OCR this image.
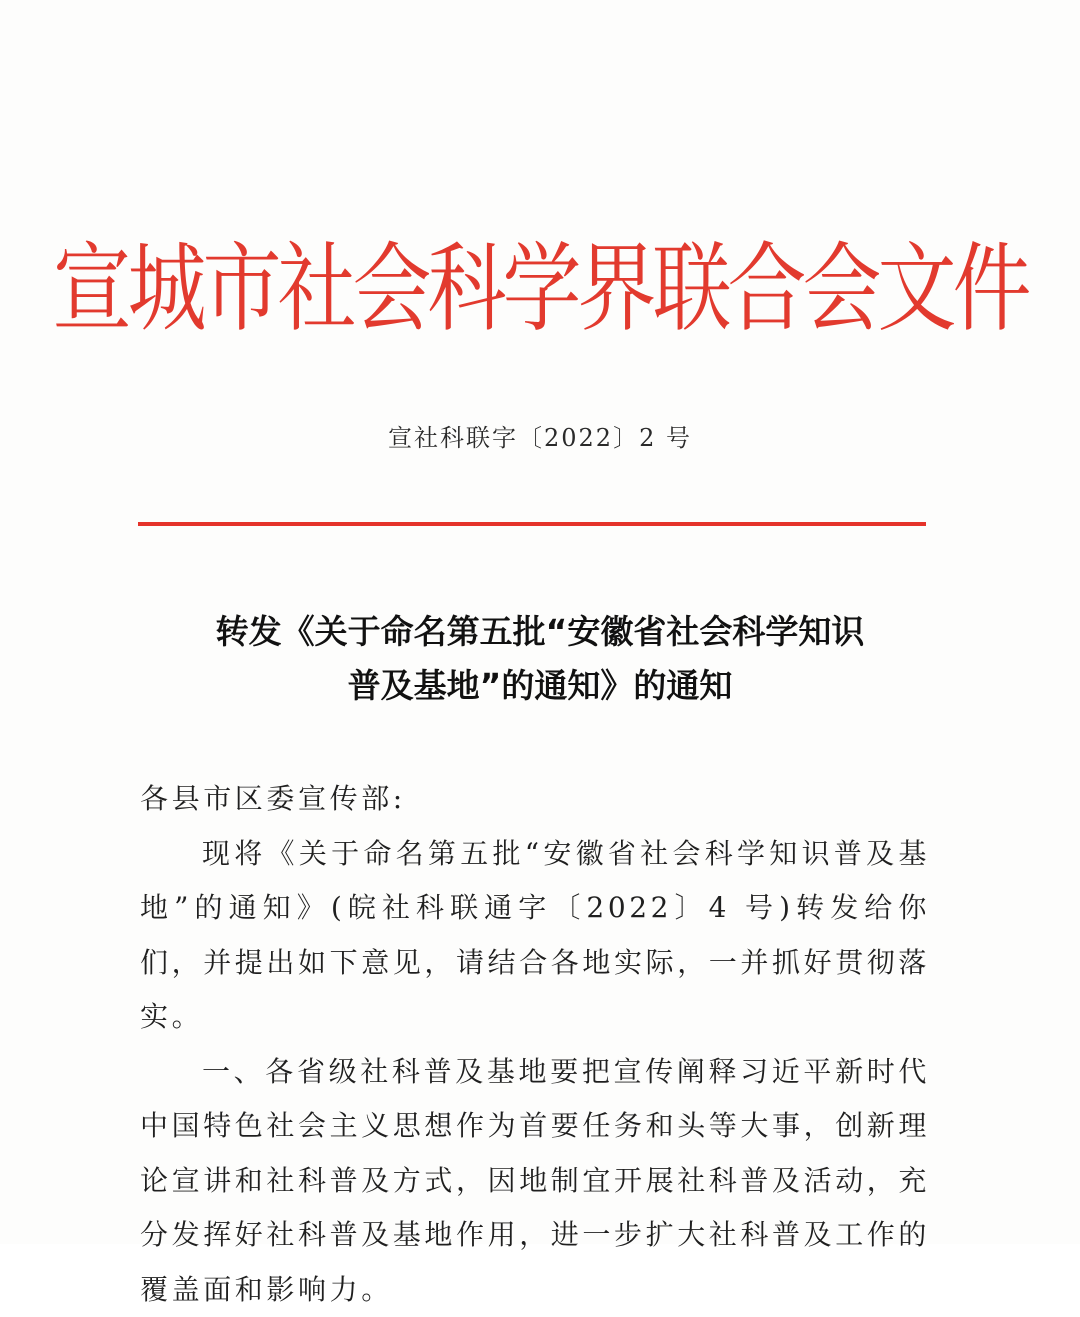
宣城市社会科学界联合会文件
宣社科联字〔2022〕2 号
转发《关于命名第五批“安徽省社会科学知识
普及基地”的通知》的通知

各县市区委宣传部:

现将《关于命名第五批“安徽省社会科学知识普及基地”的通知》(皖社科联通字〔2022〕4 号)转发给你们，并提出如下意见，请结合各地实际，一并抓好贯彻落实。

一、各省级社科普及基地要把宣传阐释习近平新时代中国特色社会主义思想作为首要任务和头等大事，创新理论宣讲和社科普及方式，因地制宜开展社科普及活动，充分发挥好社科普及基地作用，进一步扩大社科普及工作的覆盖面和影响力。
